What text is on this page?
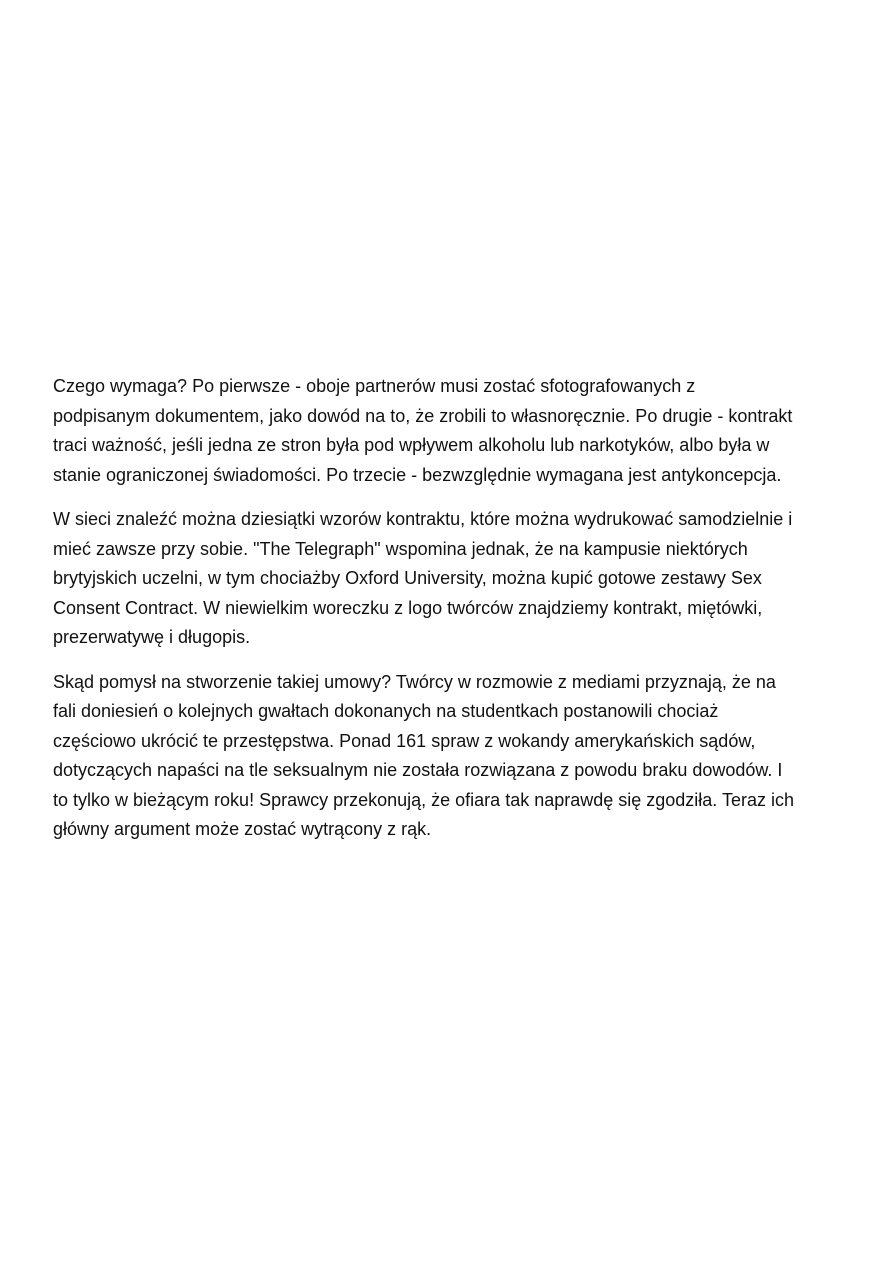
Czego wymaga? Po pierwsze - oboje partnerów musi zostać sfotografowanych z
podpisanym dokumentem, jako dowód na to, że zrobili to własnoręcznie. Po drugie - kontrakt
traci ważność, jeśli jedna ze stron była pod wpływem alkoholu lub narkotyków, albo była w
stanie ograniczonej świadomości. Po trzecie - bezwzględnie wymagana jest antykoncepcja.

W sieci znaleźć można dziesiątki wzorów kontraktu, które można wydrukować samodzielnie i
mieć zawsze przy sobie. "The Telegraph" wspomina jednak, że na kampusie niektórych
brytyjskich uczelni, w tym chociażby Oxford University, można kupić gotowe zestawy Sex
Consent Contract. W niewielkim woreczku z logo twórców znajdziemy kontrakt, miętówki,
prezerwatywę i długopis.

Skąd pomysł na stworzenie takiej umowy? Twórcy w rozmowie z mediami przyznają, że na
fali doniesień o kolejnych gwałtach dokonanych na studentkach postanowili chociaż
częściowo ukrócić te przestępstwa. Ponad 161 spraw z wokandy amerykańskich sądów,
dotyczących napaści na tle seksualnym nie została rozwiązana z powodu braku dowodów. I
to tylko w bieżącym roku! Sprawcy przekonują, że ofiara tak naprawdę się zgodziła. Teraz ich
główny argument może zostać wytrącony z rąk.
